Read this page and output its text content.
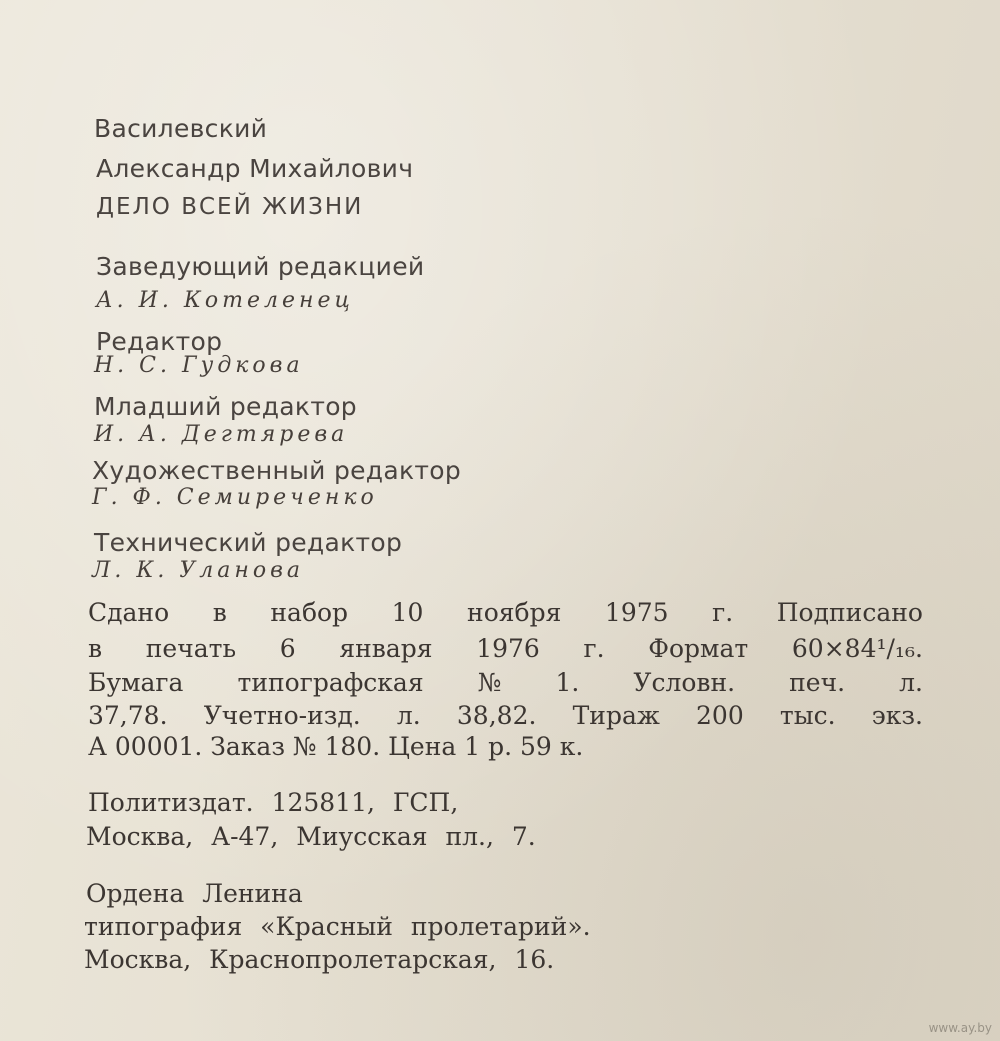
Василевский
Александр Михайлович
ДЕЛО ВСЕЙ ЖИЗНИ
Заведующий редакцией
А. И. Котеленец
Редактор
Н. С. Гудкова
Младший редактор
И. А. Дегтярева
Художественный редактор
Г. Ф. Семиреченко
Технический редактор
Л. К. Уланова
Сдано в набор 10 ноября 1975 г. Подписано
в печать 6 января 1976 г. Формат 60×84¹/₁₆.
Бумага типографская № 1. Условн. печ. л.
37,78. Учетно-изд. л. 38,82. Тираж 200 тыс. экз.
А 00001. Заказ № 180. Цена 1 р. 59 к.
Политиздат. 125811, ГСП,
Москва, А-47, Миусская пл., 7.
Ордена Ленина
типография «Красный пролетарий».
Москва, Краснопролетарская, 16.
www.ay.by
